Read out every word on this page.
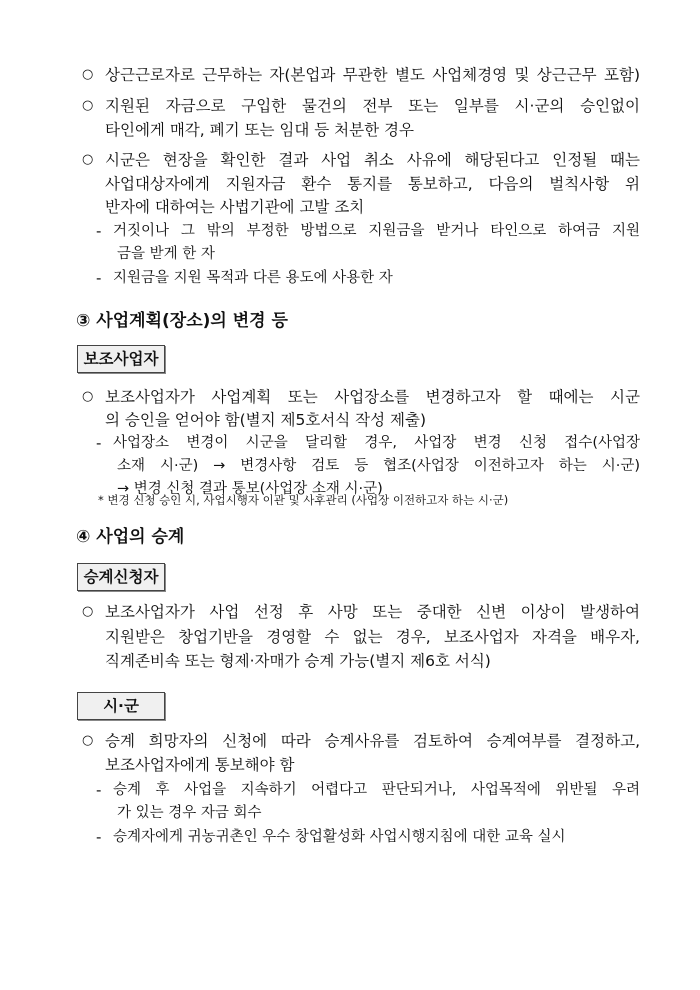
○ 상근근로자로 근무하는 자(본업과 무관한 별도 사업체경영 및 상근근무 포함)
○ 지원된 자금으로 구입한 물건의 전부 또는 일부를 시·군의 승인없이
타인에게 매각, 폐기 또는 임대 등 처분한 경우
○ 시군은 현장을 확인한 결과 사업 취소 사유에 해당된다고 인정될 때는
사업대상자에게 지원자금 환수 통지를 통보하고, 다음의 벌칙사항 위
반자에 대하여는 사법기관에 고발 조치
- 거짓이나 그 밖의 부정한 방법으로 지원금을 받거나 타인으로 하여금 지원
금을 받게 한 자
- 지원금을 지원 목적과 다른 용도에 사용한 자
③ 사업계획(장소)의 변경 등
보조사업자
○ 보조사업자가 사업계획 또는 사업장소를 변경하고자 할 때에는 시군
의 승인을 얻어야 함(별지 제5호서식 작성 제출)
- 사업장소 변경이 시군을 달리할 경우, 사업장 변경 신청 접수(사업장
소재 시·군) → 변경사항 검토 등 협조(사업장 이전하고자 하는 시·군)
→ 변경 신청 결과 통보(사업장 소재 시·군)
* 변경 신청 승인 시, 사업시행자 이관 및 사후관리 (사업장 이전하고자 하는 시·군)
④ 사업의 승계
승계신청자
○ 보조사업자가 사업 선정 후 사망 또는 중대한 신변 이상이 발생하여
지원받은 창업기반을 경영할 수 없는 경우, 보조사업자 자격을 배우자,
직계존비속 또는 형제·자매가 승계 가능(별지 제6호 서식)
시·군
○ 승계 희망자의 신청에 따라 승계사유를 검토하여 승계여부를 결정하고,
보조사업자에게 통보해야 함
- 승계 후 사업을 지속하기 어렵다고 판단되거나, 사업목적에 위반될 우려
가 있는 경우 자금 회수
- 승계자에게 귀농귀촌인 우수 창업활성화 사업시행지침에 대한 교육 실시
